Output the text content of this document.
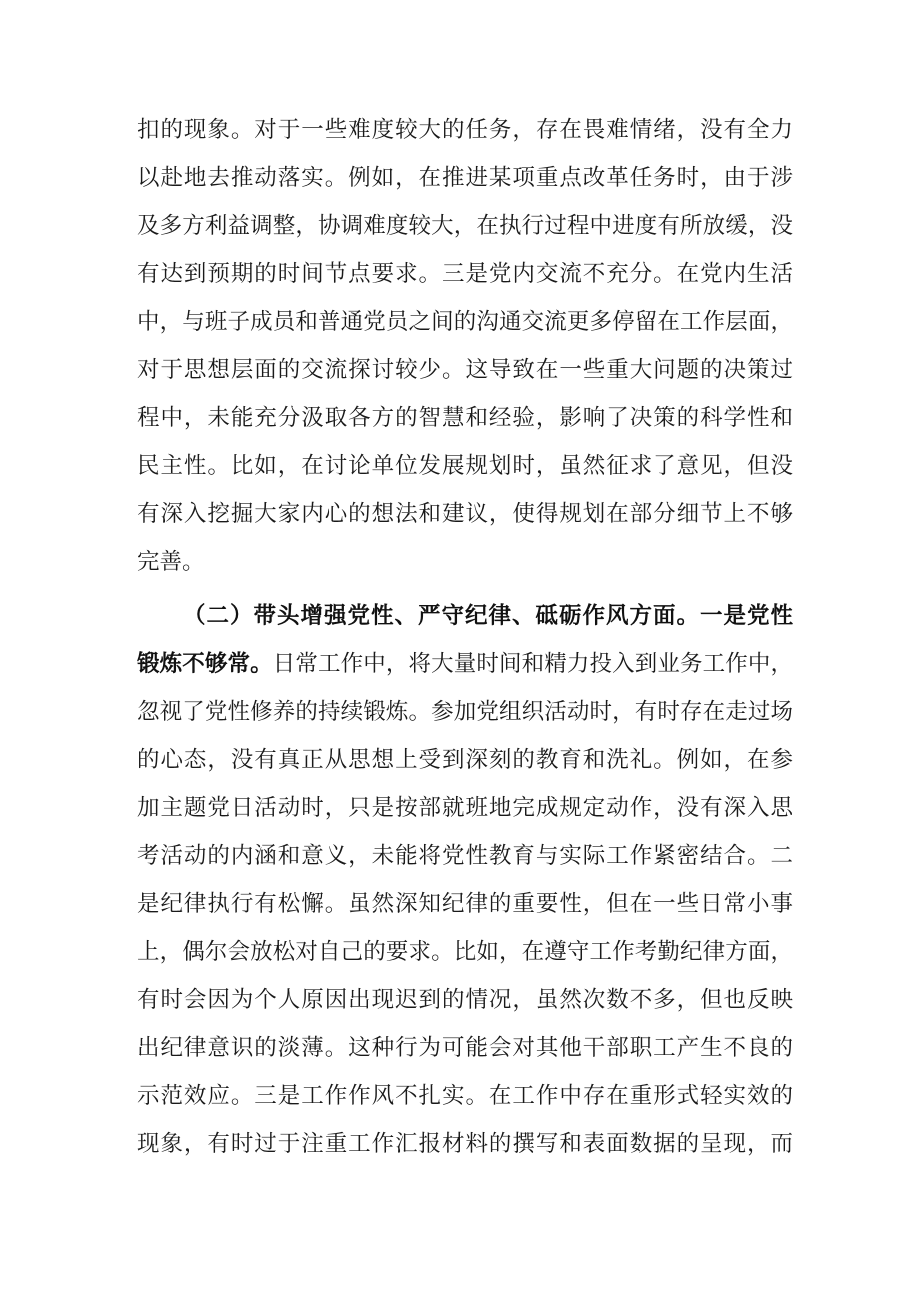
扣的现象。对于一些难度较大的任务，存在畏难情绪，没有全力
以赴地去推动落实。例如，在推进某项重点改革任务时，由于涉
及多方利益调整，协调难度较大，在执行过程中进度有所放缓，没
有达到预期的时间节点要求。三是党内交流不充分。在党内生活
中，与班子成员和普通党员之间的沟通交流更多停留在工作层面，
对于思想层面的交流探讨较少。这导致在一些重大问题的决策过
程中，未能充分汲取各方的智慧和经验，影响了决策的科学性和
民主性。比如，在讨论单位发展规划时，虽然征求了意见，但没
有深入挖掘大家内心的想法和建议，使得规划在部分细节上不够
完善。
（二）带头增强党性、严守纪律、砥砺作风方面。一是党性
锻炼不够常。日常工作中，将大量时间和精力投入到业务工作中，
忽视了党性修养的持续锻炼。参加党组织活动时，有时存在走过场
的心态，没有真正从思想上受到深刻的教育和洗礼。例如，在参
加主题党日活动时，只是按部就班地完成规定动作，没有深入思
考活动的内涵和意义，未能将党性教育与实际工作紧密结合。二
是纪律执行有松懈。虽然深知纪律的重要性，但在一些日常小事
上，偶尔会放松对自己的要求。比如，在遵守工作考勤纪律方面，
有时会因为个人原因出现迟到的情况，虽然次数不多，但也反映
出纪律意识的淡薄。这种行为可能会对其他干部职工产生不良的
示范效应。三是工作作风不扎实。在工作中存在重形式轻实效的
现象，有时过于注重工作汇报材料的撰写和表面数据的呈现，而
